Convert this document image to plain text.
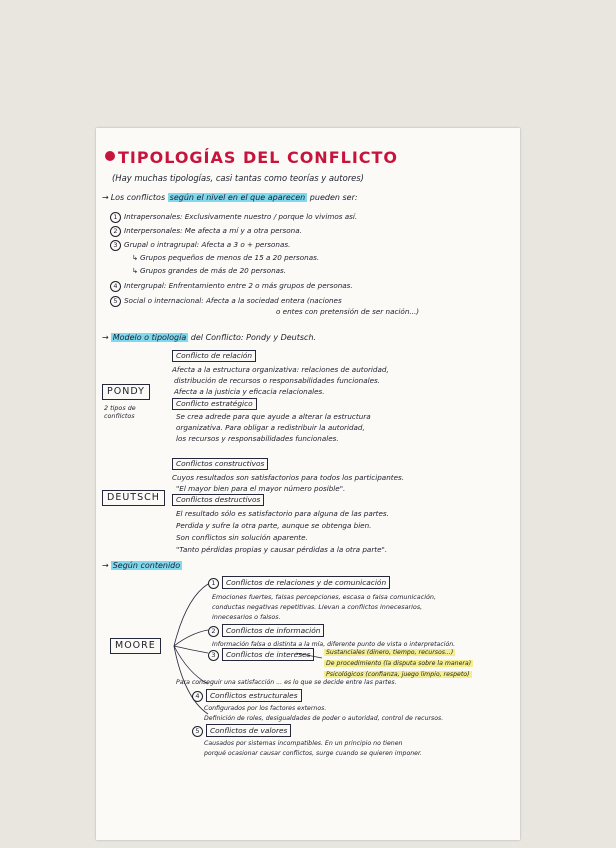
TIPOLOGÍAS DEL CONFLICTO
(Hay muchas tipologías, casi tantas como teorías y autores)
→ Los conflictos según el nivel en el que aparecen pueden ser:
1 Intrapersonales: Exclusivamente nuestro / porque lo vivimos así.
2 Interpersonales: Me afecta a mí y a otra persona.
3 Grupal o intragrupal: Afecta a 3 o + personas.
↳ Grupos pequeños de menos de 15 a 20 personas.
↳ Grupos grandes de más de 20 personas.
4 Intergrupal: Enfrentamiento entre 2 o más grupos de personas.
5 Social o internacional: Afecta a la sociedad entera (naciones
o entes con pretensión de ser nación...)
→ Modelo o tipología del Conflicto: Pondy y Deutsch.
PONDY
2 tipos de
conflictos
Conflicto de relación
Afecta a la estructura organizativa: relaciones de autoridad,
distribución de recursos o responsabilidades funcionales.
Afecta a la justicia y eficacia relacionales.
Conflicto estratégico
Se crea adrede para que ayude a alterar la estructura
organizativa. Para obligar a redistribuir la autoridad,
los recursos y responsabilidades funcionales.
DEUTSCH
Conflictos constructivos
Cuyos resultados son satisfactorios para todos los participantes.
"El mayor bien para el mayor número posible".
Conflictos destructivos
El resultado sólo es satisfactorio para alguna de las partes.
Perdida y sufre la otra parte, aunque se obtenga bien.
Son conflictos sin solución aparente.
"Tanto pérdidas propias y causar pérdidas a la otra parte".
→ Según contenido
MOORE
1 Conflictos de relaciones y de comunicación
Emociones fuertes, falsas percepciones, escasa o falsa comunicación,
conductas negativas repetitivas. Llevan a conflictos innecesarios,
innecesarios o falsos.
2 Conflictos de información
Información falsa o distinta a la mía, diferente punto de vista o interpretación.
3 Conflictos de intereses	Sustanciales (dinero, tiempo, recursos...)
De procedimiento (la disputa sobre la manera)
Psicológicos (confianza, juego limpio, respeto)
Para conseguir una satisfacción ... es lo que se decide entre las partes.
4 Conflictos estructurales
Configurados por los factores externos.
Definición de roles, desigualdades de poder o autoridad, control de recursos.
5 Conflictos de valores
Causados por sistemas incompatibles. En un principio no tienen
porqué ocasionar causar conflictos, surge cuando se quieren imponer.
